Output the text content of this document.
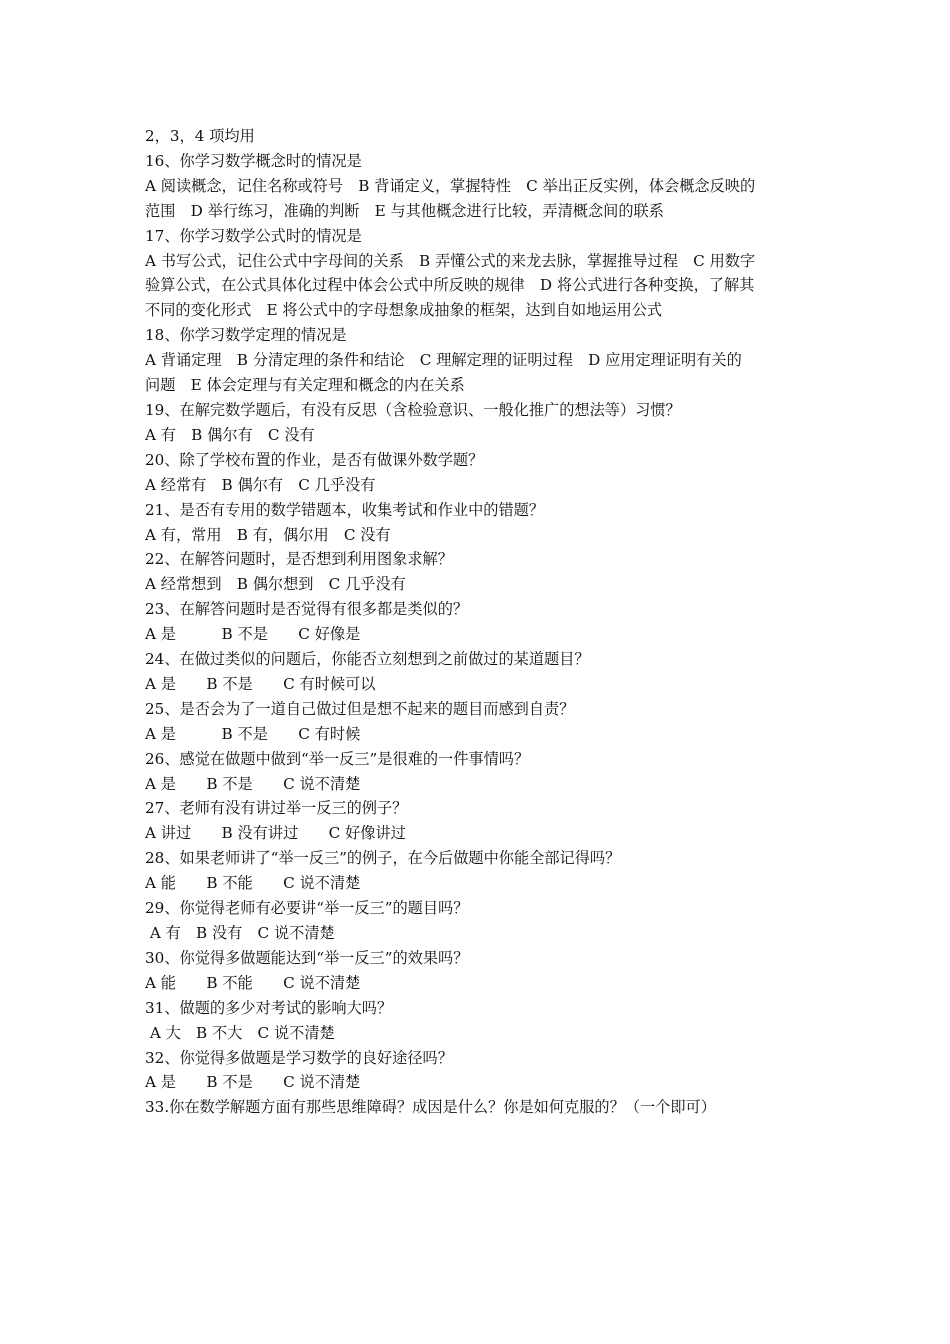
2，3，4 项均用
16、你学习数学概念时的情况是
A 阅读概念，记住名称或符号　B 背诵定义，掌握特性　C 举出正反实例，体会概念反映的
范围　D 举行练习，准确的判断　E 与其他概念进行比较，弄清概念间的联系
17、你学习数学公式时的情况是
A 书写公式，记住公式中字母间的关系　B 弄懂公式的来龙去脉，掌握推导过程　C 用数字
验算公式，在公式具体化过程中体会公式中所反映的规律　D 将公式进行各种变换，了解其
不同的变化形式　E 将公式中的字母想象成抽象的框架，达到自如地运用公式
18、你学习数学定理的情况是
A 背诵定理　B 分清定理的条件和结论　C 理解定理的证明过程　D 应用定理证明有关的
问题　E 体会定理与有关定理和概念的内在关系
19、在解完数学题后，有没有反思（含检验意识、一般化推广的想法等）习惯？
A 有　B 偶尔有　C 没有
20、除了学校布置的作业，是否有做课外数学题？
A 经常有　B 偶尔有　C 几乎没有
21、是否有专用的数学错题本，收集考试和作业中的错题？
A 有，常用　B 有，偶尔用　C 没有
22、在解答问题时，是否想到利用图象求解？
A 经常想到　B 偶尔想到　C 几乎没有
23、在解答问题时是否觉得有很多都是类似的？
A 是　　　B 不是　　C 好像是
24、在做过类似的问题后，你能否立刻想到之前做过的某道题目？
A 是　　B 不是　　C 有时候可以
25、是否会为了一道自己做过但是想不起来的题目而感到自责？
A 是　　　B 不是　　C 有时候
26、感觉在做题中做到“举一反三”是很难的一件事情吗？
A 是　　B 不是　　C 说不清楚
27、老师有没有讲过举一反三的例子？
A 讲过　　B 没有讲过　　C 好像讲过
28、如果老师讲了“举一反三”的例子，在今后做题中你能全部记得吗？
A 能　　B 不能　　C 说不清楚
29、你觉得老师有必要讲“举一反三”的题目吗？
A 有　B 没有　C 说不清楚
30、你觉得多做题能达到“举一反三”的效果吗？
A 能　　B 不能　　C 说不清楚
31、做题的多少对考试的影响大吗？
A 大　B 不大　C 说不清楚
32、你觉得多做题是学习数学的良好途径吗？
A 是　　B 不是　　C 说不清楚
33.你在数学解题方面有那些思维障碍？成因是什么？你是如何克服的？（一个即可）
